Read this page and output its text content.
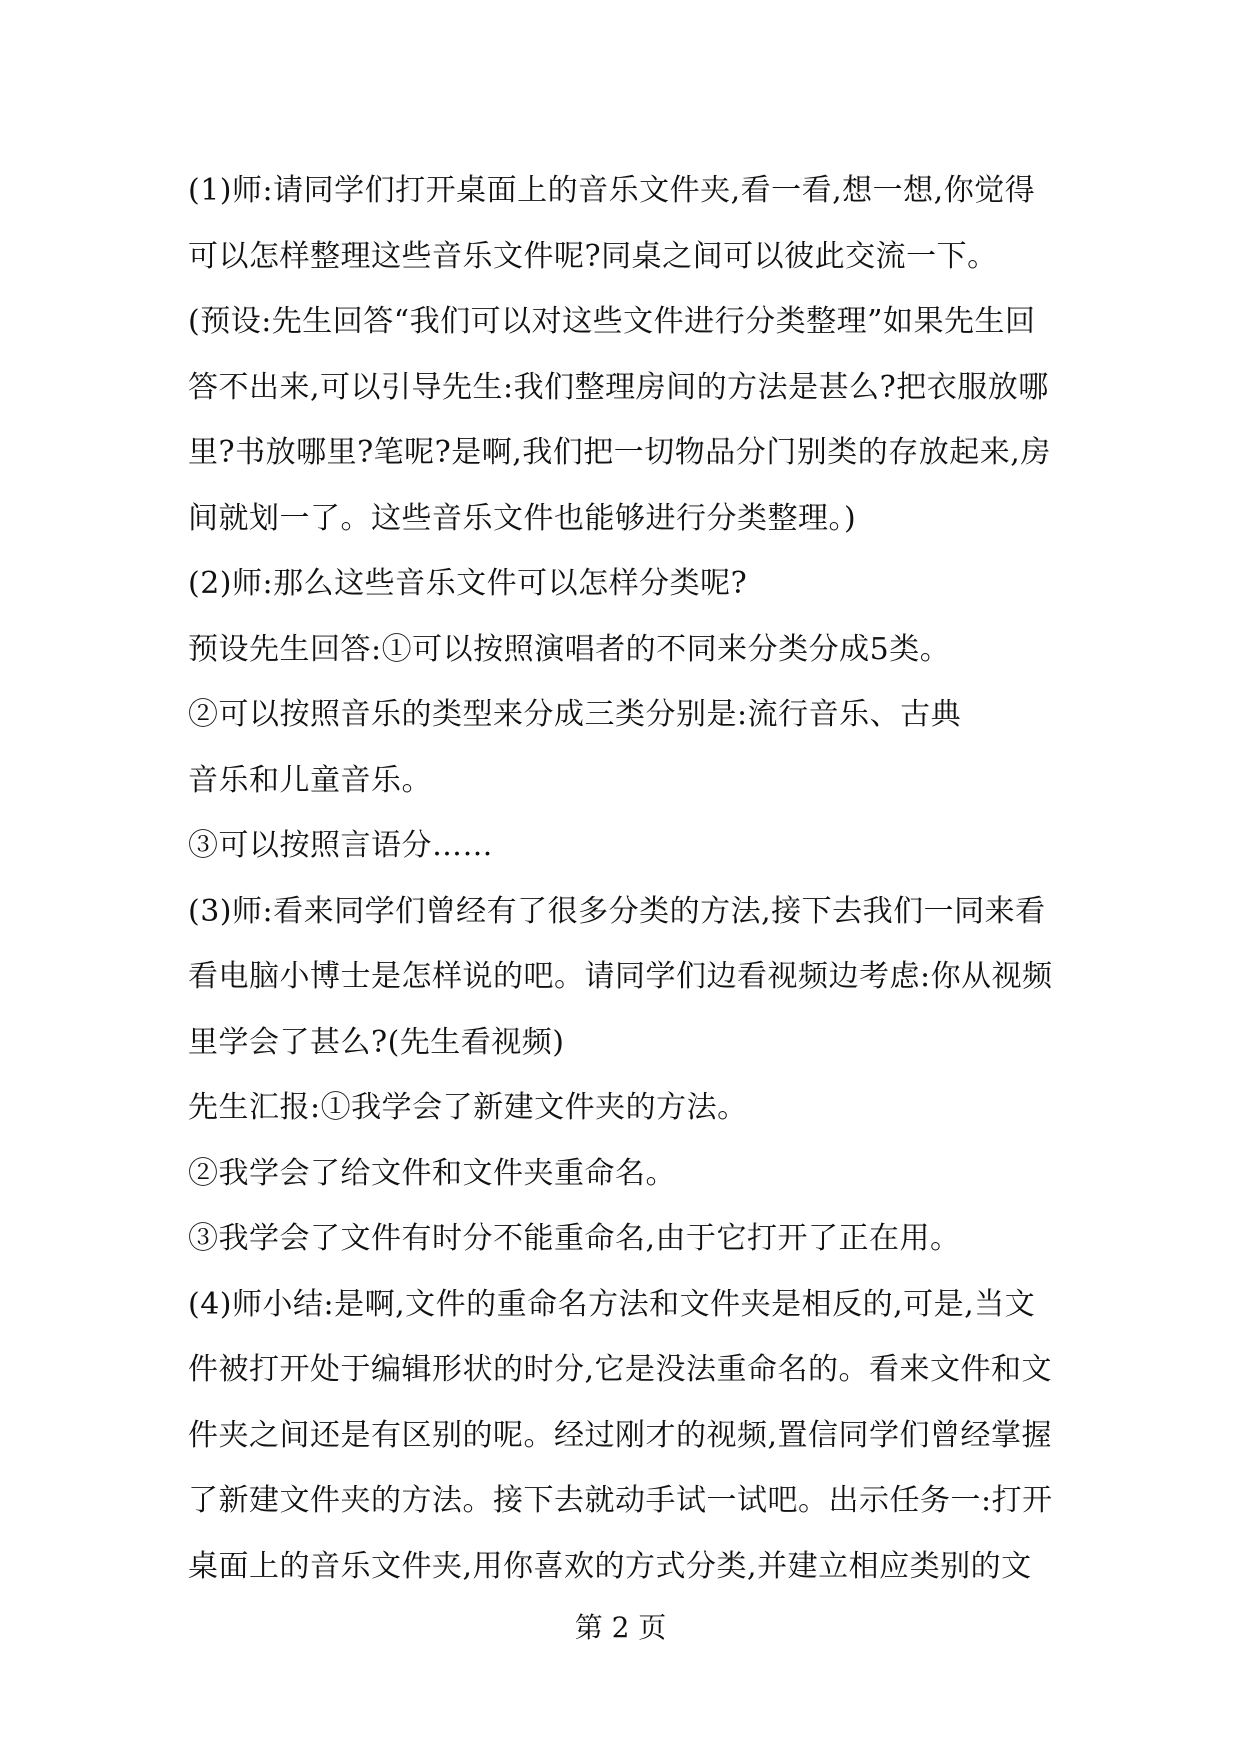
(1)师:请同学们打开桌面上的音乐文件夹,看一看,想一想,你觉得
可以怎样整理这些音乐文件呢?同桌之间可以彼此交流一下。
(预设:先生回答“我们可以对这些文件进行分类整理”如果先生回
答不出来,可以引导先生:我们整理房间的方法是甚么?把衣服放哪
里?书放哪里?笔呢?是啊,我们把一切物品分门别类的存放起来,房
间就划一了。这些音乐文件也能够进行分类整理。)
(2)师:那么这些音乐文件可以怎样分类呢?
预设先生回答:①可以按照演唱者的不同来分类分成5类。
②可以按照音乐的类型来分成三类分别是:流行音乐、古典
音乐和儿童音乐。
③可以按照言语分……
(3)师:看来同学们曾经有了很多分类的方法,接下去我们一同来看
看电脑小博士是怎样说的吧。请同学们边看视频边考虑:你从视频
里学会了甚么?(先生看视频)
先生汇报:①我学会了新建文件夹的方法。
②我学会了给文件和文件夹重命名。
③我学会了文件有时分不能重命名,由于它打开了正在用。
(4)师小结:是啊,文件的重命名方法和文件夹是相反的,可是,当文
件被打开处于编辑形状的时分,它是没法重命名的。看来文件和文
件夹之间还是有区别的呢。经过刚才的视频,置信同学们曾经掌握
了新建文件夹的方法。接下去就动手试一试吧。出示任务一:打开
桌面上的音乐文件夹,用你喜欢的方式分类,并建立相应类别的文
第 2 页
